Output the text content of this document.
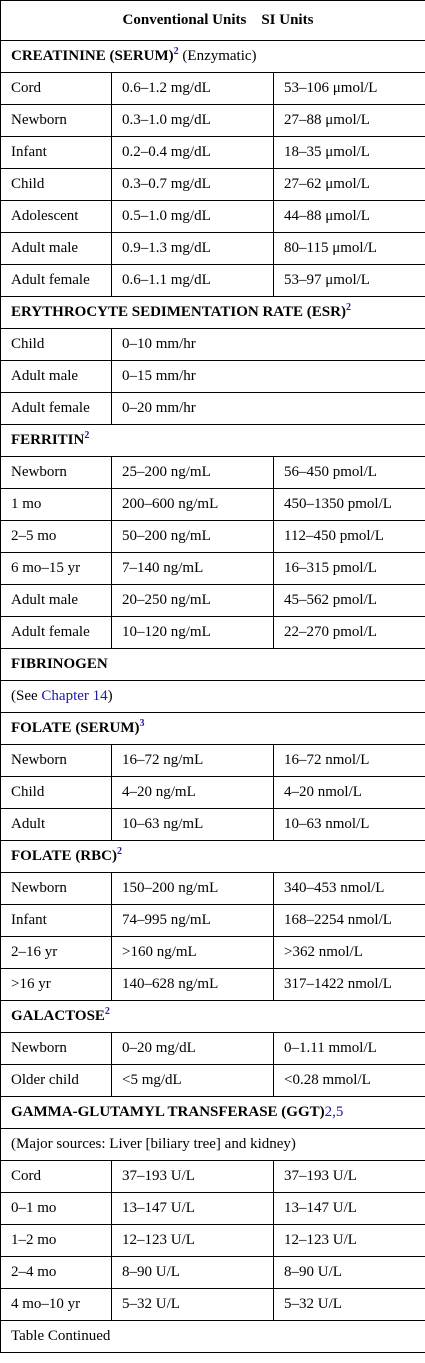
Conventional Units SI Units		
CREATININE (SERUM)$^2$ (Enzymatic)		
Cord	0.6–1.2 mg/dL	53–106 μmol/L
Newborn	0.3–1.0 mg/dL	27–88 μmol/L
Infant	0.2–0.4 mg/dL	18–35 μmol/L
Child	0.3–0.7 mg/dL	27–62 μmol/L
Adolescent	0.5–1.0 mg/dL	44–88 μmol/L
Adult male	0.9–1.3 mg/dL	80–115 μmol/L
Adult female	0.6–1.1 mg/dL	53–97 μmol/L
ERYTHROCYTE SEDIMENTATION RATE (ESR)$^2$
Child	0–10 mm/hr	
Adult male	0–15 mm/hr	
Adult female	0–20 mm/hr	
FERRITIN$^2$
Newborn	25–200 ng/mL	56–450 pmol/L
1 mo	200–600 ng/mL	450–1350 pmol/L
2–5 mo	50–200 ng/mL	112–450 pmol/L
6 mo–15 yr	7–140 ng/mL	16–315 pmol/L
Adult male	20–250 ng/mL	45–562 pmol/L
Adult female	10–120 ng/mL	22–270 pmol/L
FIBRINOGEN		
(See Chapter 14)		
FOLATE (SERUM)$^3$
Newborn	16–72 ng/mL	16–72 nmol/L
Child	4–20 ng/mL	4–20 nmol/L
Adult	10–63 ng/mL	10–63 nmol/L
FOLATE (RBC)$^2$
Newborn	150–200 ng/mL	340–453 nmol/L
Infant	74–995 ng/mL	168–2254 nmol/L
2–16 yr	>160 ng/mL	>362 nmol/L
>16 yr	140–628 ng/mL	317–1422 nmol/L
GALACTOSE$^2$
Newborn	0–20 mg/dL	0–1.11 mmol/L
Older child	<5 mg/dL	<0.28 mmol/L
GAMMA-GLUTAMYL TRANSFERASE (GGT)2,5		
(Major sources: Liver [biliary tree] and kidney)		
Cord	37–193 U/L	37–193 U/L
0–1 mo	13–147 U/L	13–147 U/L
1–2 mo	12–123 U/L	12–123 U/L
2–4 mo	8–90 U/L	8–90 U/L
4 mo–10 yr	5–32 U/L	5–32 U/L
Table Continued		
